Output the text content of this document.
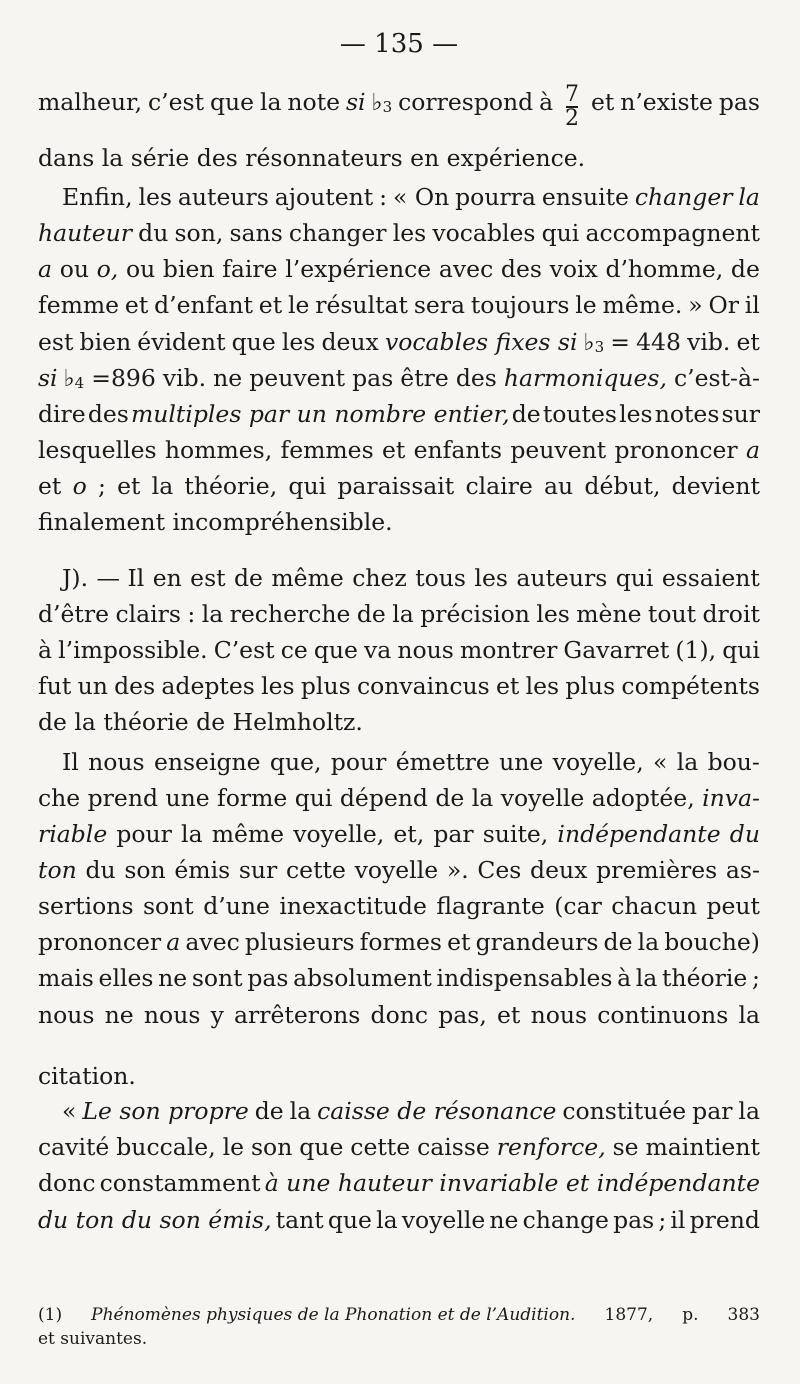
— 135 —
malheur, c’est que la note si $♭_3$ correspond à $\frac{7}{2}$ et n’existe pas
dans la série des résonnateurs en expérience.
Enfin, les auteurs ajoutent : « On pourra ensuite changer la
hauteur du son, sans changer les vocables qui accompagnent
a ou o, ou bien faire l’expérience avec des voix d’homme, de
femme et d’enfant et le résultat sera toujours le même. » Or il
est bien évident que les deux vocables fixes si $♭_3 = 448$ vib. et
si $♭_4 =896$ vib. ne peuvent pas être des harmoniques, c’est-à-
dire des multiples par un nombre entier, de toutes les notes sur
lesquelles hommes, femmes et enfants peuvent prononcer a
et o ; et la théorie, qui paraissait claire au début, devient
finalement incompréhensible.
J). — Il en est de même chez tous les auteurs qui essaient
d’être clairs : la recherche de la précision les mène tout droit
à l’impossible. C’est ce que va nous montrer Gavarret (1), qui
fut un des adeptes les plus convaincus et les plus compétents
de la théorie de Helmholtz.
Il nous enseigne que, pour émettre une voyelle, « la bou-
che prend une forme qui dépend de la voyelle adoptée, inva-
riable pour la même voyelle, et, par suite, indépendante du
ton du son émis sur cette voyelle ». Ces deux premières as-
sertions sont d’une inexactitude flagrante (car chacun peut
prononcer a avec plusieurs formes et grandeurs de la bouche)
mais elles ne sont pas absolument indispensables à la théorie ;
nous ne nous y arrêterons donc pas, et nous continuons la
citation.
« Le son propre de la caisse de résonance constituée par la
cavité buccale, le son que cette caisse renforce, se maintient
donc constamment à une hauteur invariable et indépendante
du ton du son émis, tant que la voyelle ne change pas ; il prend
(1) Phénomènes physiques de la Phonation et de l’Audition. 1877, p. 383
et suivantes.
